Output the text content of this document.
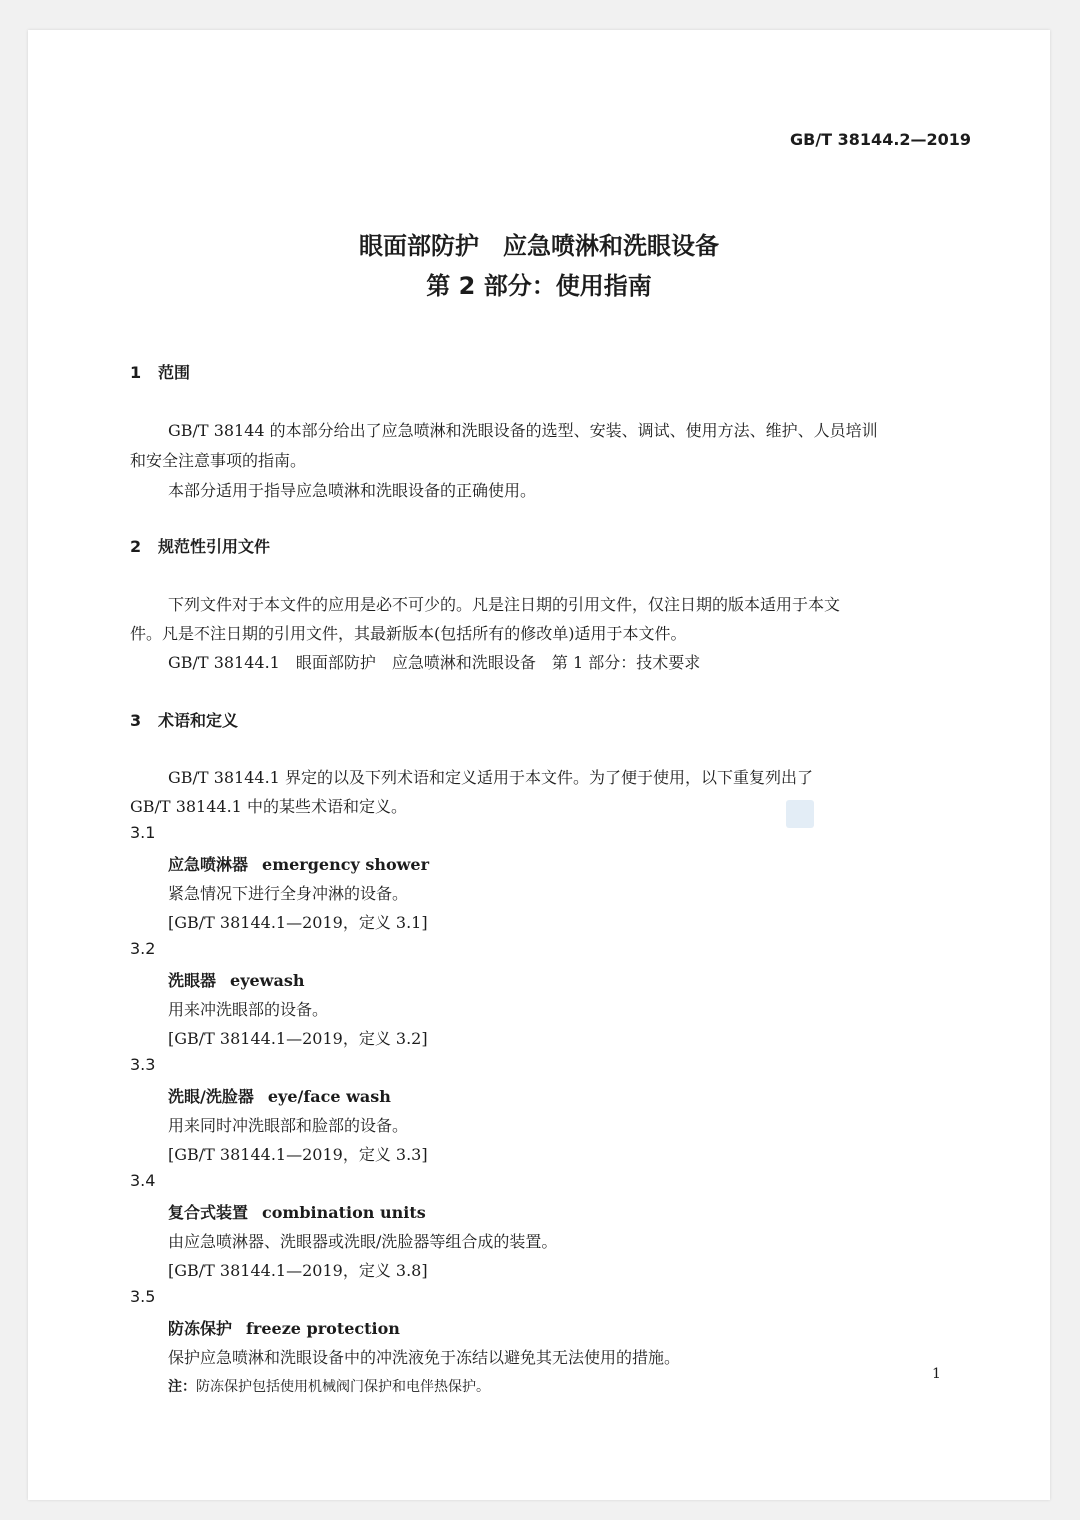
GB/T 38144.2—2019
眼面部防护　应急喷淋和洗眼设备
第 2 部分：使用指南
1 范围
GB/T 38144 的本部分给出了应急喷淋和洗眼设备的选型、安装、调试、使用方法、维护、人员培训
和安全注意事项的指南。
本部分适用于指导应急喷淋和洗眼设备的正确使用。
2 规范性引用文件
下列文件对于本文件的应用是必不可少的。凡是注日期的引用文件，仅注日期的版本适用于本文
件。凡是不注日期的引用文件，其最新版本(包括所有的修改单)适用于本文件。
GB/T 38144.1　眼面部防护　应急喷淋和洗眼设备　第 1 部分：技术要求
3 术语和定义
GB/T 38144.1 界定的以及下列术语和定义适用于本文件。为了便于使用，以下重复列出了
GB/T 38144.1 中的某些术语和定义。
3.1
应急喷淋器 emergency shower
紧急情况下进行全身冲淋的设备。
[GB/T 38144.1—2019，定义 3.1]
3.2
洗眼器 eyewash
用来冲洗眼部的设备。
[GB/T 38144.1—2019，定义 3.2]
3.3
洗眼/洗脸器 eye/face wash
用来同时冲洗眼部和脸部的设备。
[GB/T 38144.1—2019，定义 3.3]
3.4
复合式装置 combination units
由应急喷淋器、洗眼器或洗眼/洗脸器等组合成的装置。
[GB/T 38144.1—2019，定义 3.8]
3.5
防冻保护 freeze protection
保护应急喷淋和洗眼设备中的冲洗液免于冻结以避免其无法使用的措施。
注：防冻保护包括使用机械阀门保护和电伴热保护。
1
